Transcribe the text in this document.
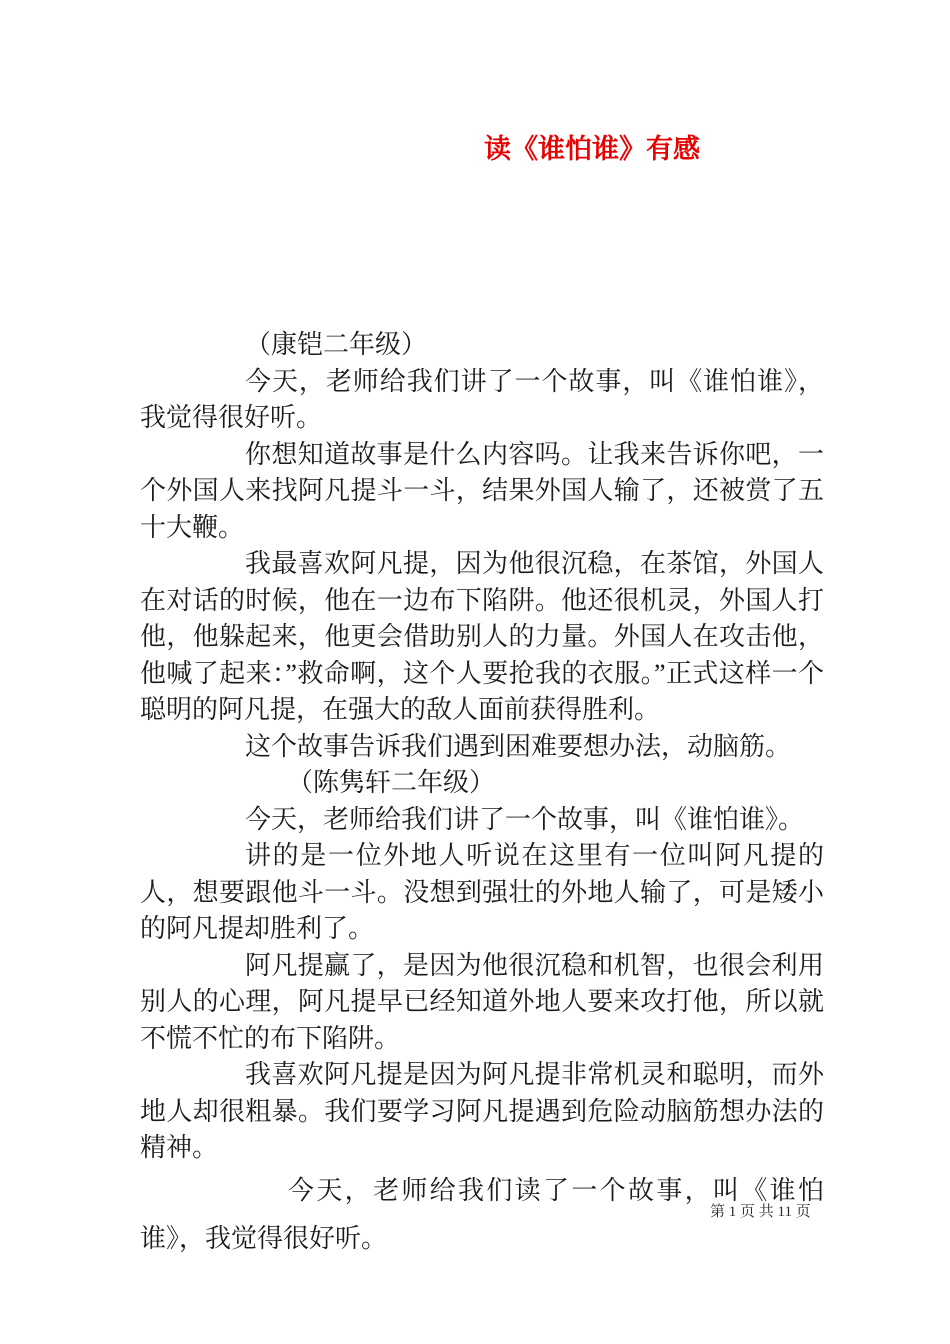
读《谁怕谁》有感

（康铠二年级）

今天，老师给我们讲了一个故事，叫《谁怕谁》，我觉得很好听。

你想知道故事是什么内容吗。让我来告诉你吧，一个外国人来找阿凡提斗一斗，结果外国人输了，还被赏了五十大鞭。

我最喜欢阿凡提，因为他很沉稳，在茶馆，外国人在对话的时候，他在一边布下陷阱。他还很机灵，外国人打他，他躲起来，他更会借助别人的力量。外国人在攻击他，他喊了起来：”救命啊，这个人要抢我的衣服。”正式这样一个聪明的阿凡提，在强大的敌人面前获得胜利。

这个故事告诉我们遇到困难要想办法，动脑筋。

（陈隽轩二年级）

今天，老师给我们讲了一个故事，叫《谁怕谁》。

讲的是一位外地人听说在这里有一位叫阿凡提的人，想要跟他斗一斗。没想到强壮的外地人输了，可是矮小的阿凡提却胜利了。

阿凡提赢了，是因为他很沉稳和机智，也很会利用别人的心理，阿凡提早已经知道外地人要来攻打他，所以就不慌不忙的布下陷阱。

我喜欢阿凡提是因为阿凡提非常机灵和聪明，而外地人却很粗暴。我们要学习阿凡提遇到危险动脑筋想办法的精神。

今天，老师给我们读了一个故事，叫《谁怕谁》，我觉得很好听。

第 1 页 共 11 页
